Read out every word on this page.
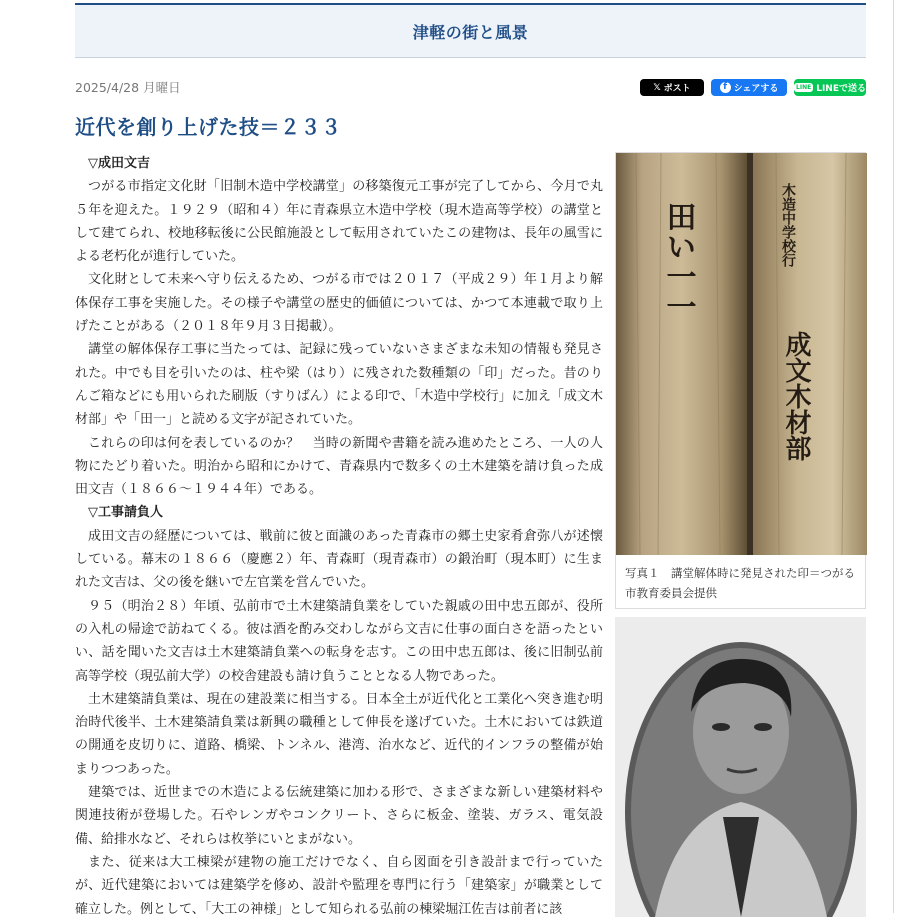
津軽の街と風景
2025/4/28 月曜日	𝕏 ポスト	f シェアする	LINE LINEで送る
近代を創り上げた技＝２３３

▽成田文吉

つがる市指定文化財「旧制木造中学校講堂」の移築復元工事が完了してから、今月で丸５年を迎えた。１９２９（昭和４）年に青森県立木造中学校（現木造高等学校）の講堂として建てられ、校地移転後に公民館施設として転用されていたこの建物は、長年の風雪による老朽化が進行していた。

文化財として未来へ守り伝えるため、つがる市では２０１７（平成２９）年１月より解体保存工事を実施した。その様子や講堂の歴史的価値については、かつて本連載で取り上げたことがある（２０１８年９月３日掲載）。

講堂の解体保存工事に当たっては、記録に残っていないさまざまな未知の情報も発見された。中でも目を引いたのは、柱や梁（はり）に残された数種類の「印」だった。昔のりんご箱などにも用いられた刷版（すりばん）による印で、「木造中学校行」に加え「成文木材部」や「田一」と読める文字が記されていた。

これらの印は何を表しているのか？　当時の新聞や書籍を読み進めたところ、一人の人物にたどり着いた。明治から昭和にかけて、青森県内で数多くの土木建築を請け負った成田文吉（１８６６〜１９４４年）である。

▽工事請負人

成田文吉の経歴については、戦前に彼と面識のあった青森市の郷土史家肴倉弥八が述懐している。幕末の１８６６（慶應２）年、青森町（現青森市）の鍛治町（現本町）に生まれた文吉は、父の後を継いで左官業を営んでいた。

９５（明治２８）年頃、弘前市で土木建築請負業をしていた親戚の田中忠五郎が、役所の入札の帰途で訪ねてくる。彼は酒を酌み交わしながら文吉に仕事の面白さを語ったといい、話を聞いた文吉は土木建築請負業への転身を志す。この田中忠五郎は、後に旧制弘前高等学校（現弘前大学）の校舎建設も請け負うこととなる人物であった。

土木建築請負業は、現在の建設業に相当する。日本全土が近代化と工業化へ突き進む明治時代後半、土木建築請負業は新興の職種として伸長を遂げていた。土木においては鉄道の開通を皮切りに、道路、橋梁、トンネル、港湾、治水など、近代的インフラの整備が始まりつつあった。

建築では、近世までの木造による伝統建築に加わる形で、さまざまな新しい建築材料や関連技術が登場した。石やレンガやコンクリート、さらに板金、塗装、ガラス、電気設備、給排水など、それらは枚挙にいとまがない。

また、従来は大工棟梁が建物の施工だけでなく、自ら図面を引き設計まで行っていたが、近代建築においては建築学を修め、設計や監理を専門に行う「建築家」が職業として確立した。例として、「大工の神様」として知られる弘前の棟梁堀江佐吉は前者に該

田い一一	木造中学校行
成文木材部
写真１　講堂解体時に発見された印＝つがる市教育委員会提供
